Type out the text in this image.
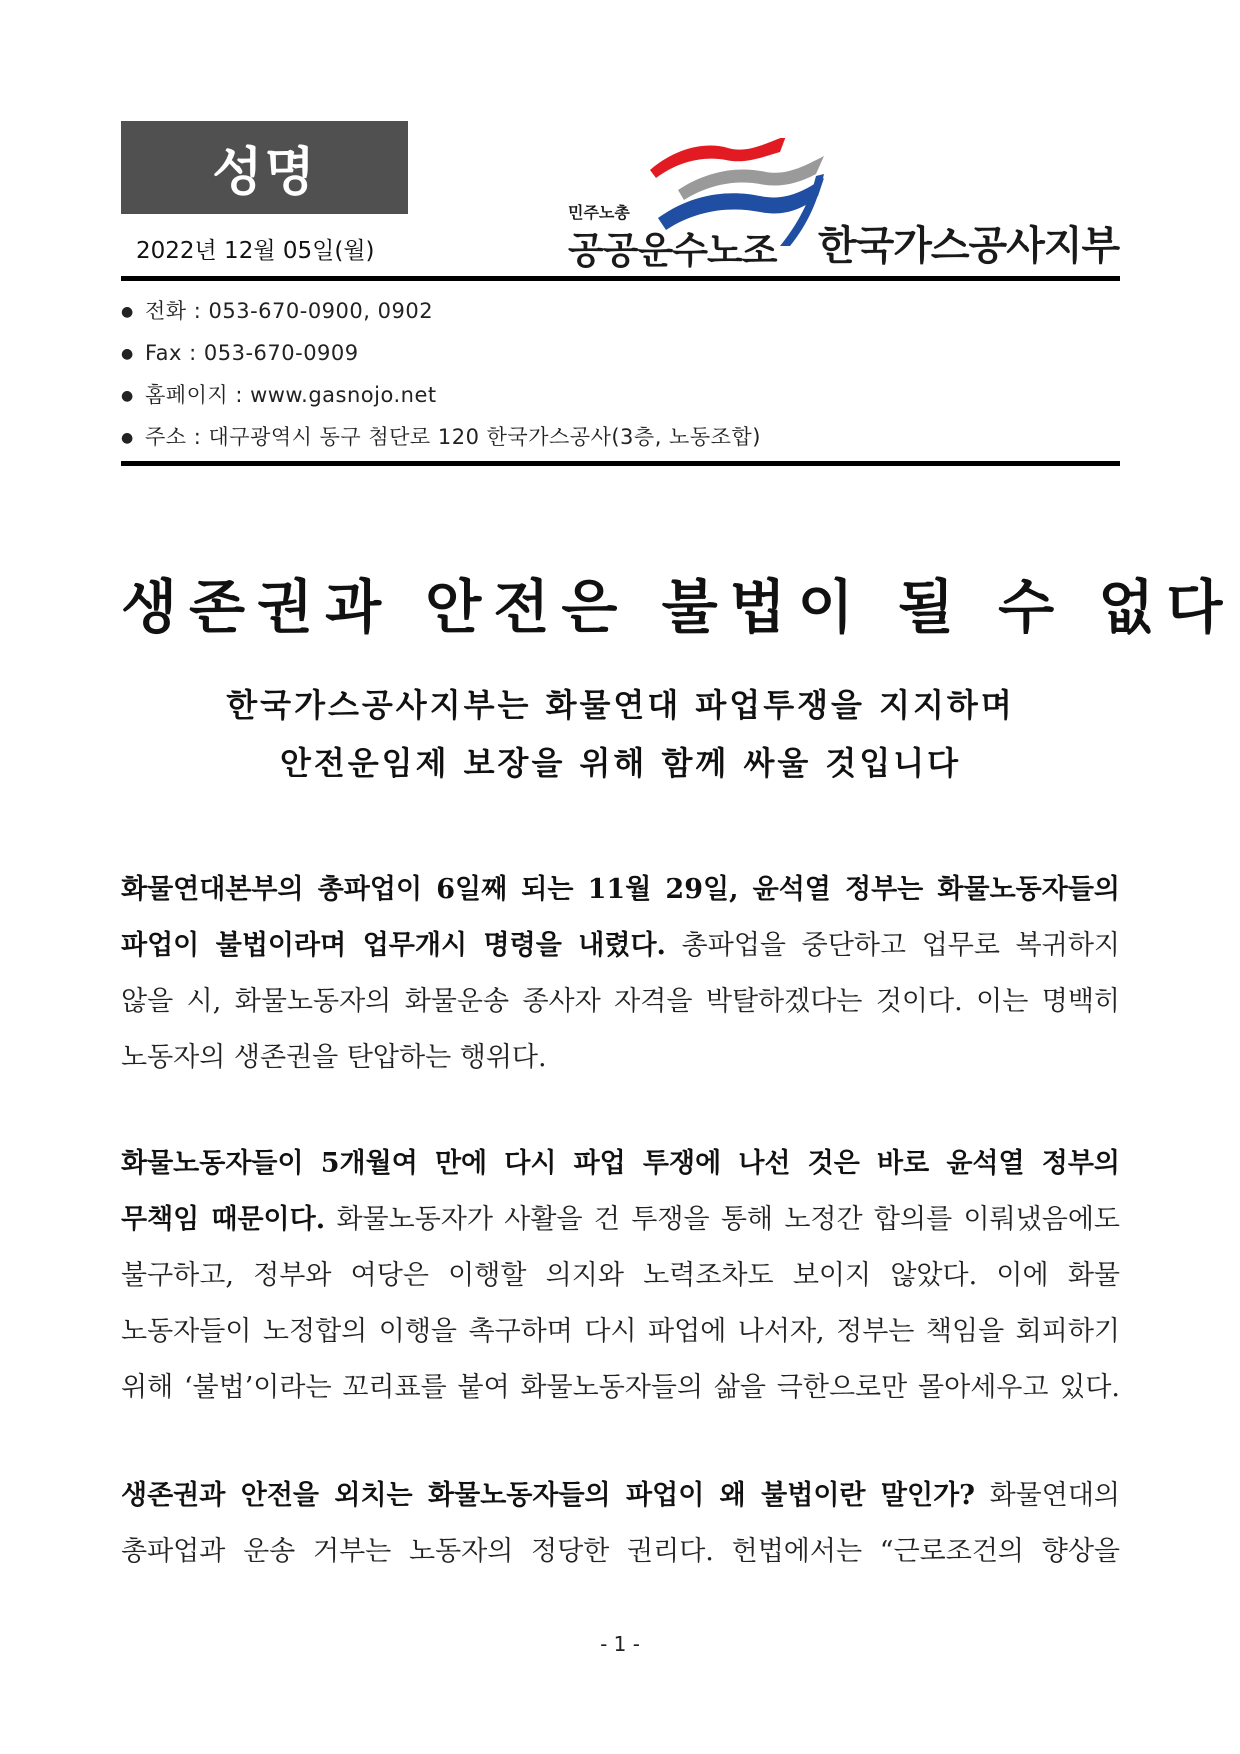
성명
2022년 12월 05일(월)
민주노총
공공운수노조 한국가스공사지부
● 전화 : 053-670-0900, 0902
● Fax : 053-670-0909
● 홈페이지 : www.gasnojo.net
● 주소 : 대구광역시 동구 첨단로 120 한국가스공사(3층, 노동조합)
생존권과 안전은 불법이 될 수 없다
한국가스공사지부는 화물연대 파업투쟁을 지지하며
안전운임제 보장을 위해 함께 싸울 것입니다
화물연대본부의 총파업이 6일째 되는 11월 29일, 윤석열 정부는 화물노동자들의
파업이 불법이라며 업무개시 명령을 내렸다. 총파업을 중단하고 업무로 복귀하지
않을 시, 화물노동자의 화물운송 종사자 자격을 박탈하겠다는 것이다. 이는 명백히
노동자의 생존권을 탄압하는 행위다.
화물노동자들이 5개월여 만에 다시 파업 투쟁에 나선 것은 바로 윤석열 정부의
무책임 때문이다. 화물노동자가 사활을 건 투쟁을 통해 노정간 합의를 이뤄냈음에도
불구하고, 정부와 여당은 이행할 의지와 노력조차도 보이지 않았다. 이에 화물
노동자들이 노정합의 이행을 촉구하며 다시 파업에 나서자, 정부는 책임을 회피하기
위해 ‘불법’이라는 꼬리표를 붙여 화물노동자들의 삶을 극한으로만 몰아세우고 있다.
생존권과 안전을 외치는 화물노동자들의 파업이 왜 불법이란 말인가? 화물연대의
총파업과 운송 거부는 노동자의 정당한 권리다. 헌법에서는 “근로조건의 향상을
- 1 -
